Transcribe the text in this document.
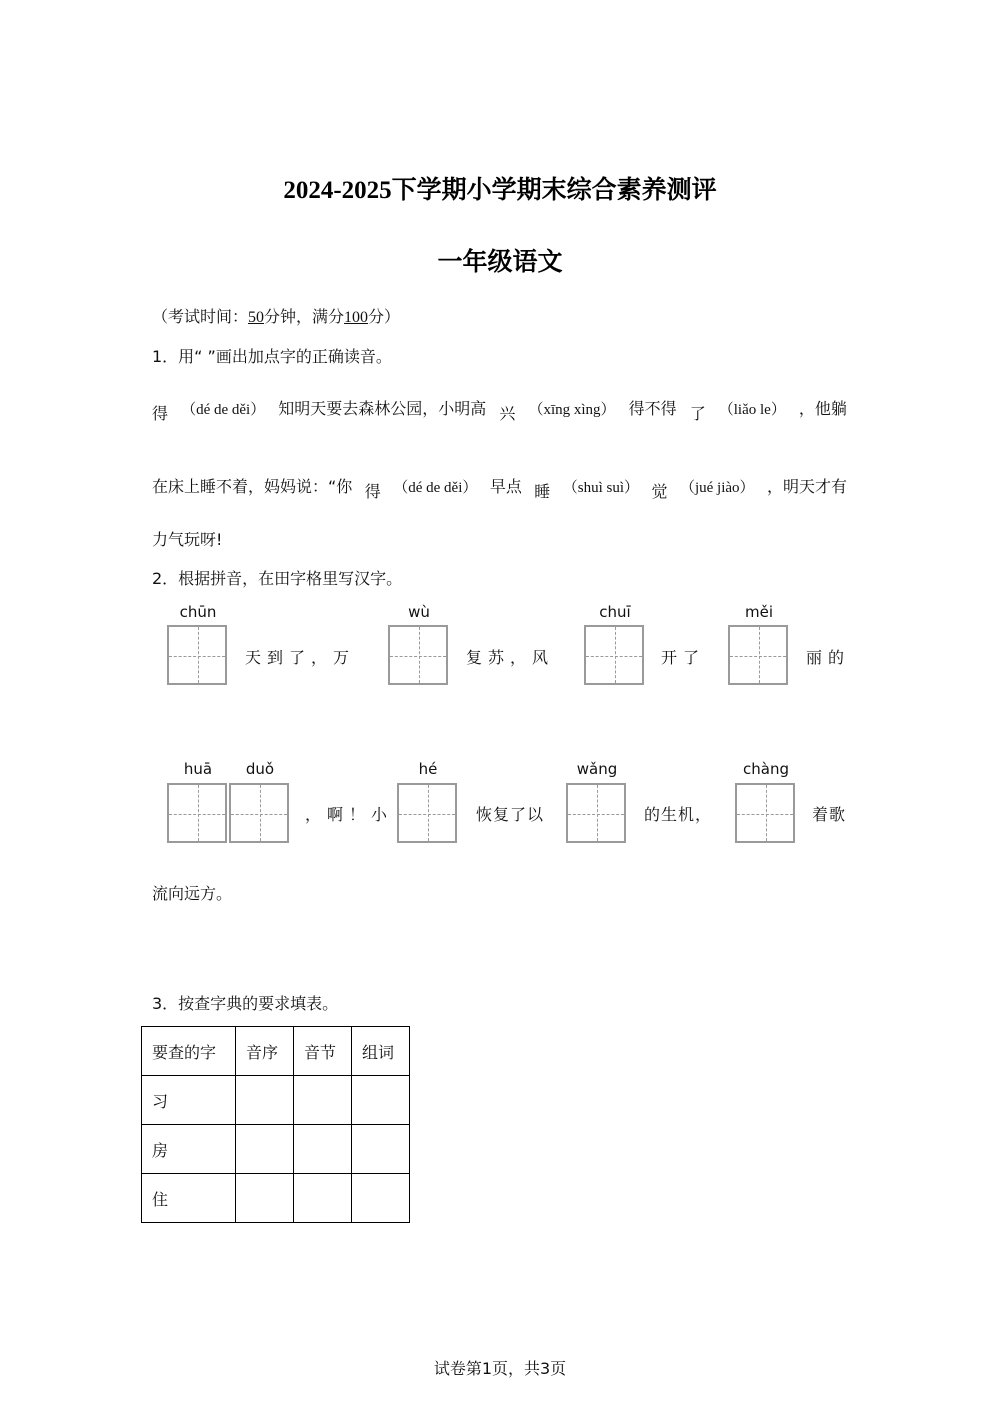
2024-2025下学期小学期末综合素养测评
一年级语文
（考试时间：50分钟，满分100分）
1．用“ ”画出加点字的正确读音。
得 （dé de děi） 知明天要去森林公园，小明高 兴 （xīng xìng） 得不得 了 （liǎo le） ，他躺
在床上睡不着，妈妈说：“你 得 （dé de děi） 早点 睡 （shuì suì） 觉 （jué jiào） ，明天才有
力气玩呀!
2．根据拼音，在田字格里写汉字。
chūn
天到了，万
wù
复苏，风
chuī
开了
měi
丽的
huā	duǒ
，啊！小
hé
恢复了以
wǎng
的生机，
chàng
着歌
流向远方。
3．按查字典的要求填表。
要查的字	音序	音节	组词
习			
房			
住			
试卷第1页，共3页
